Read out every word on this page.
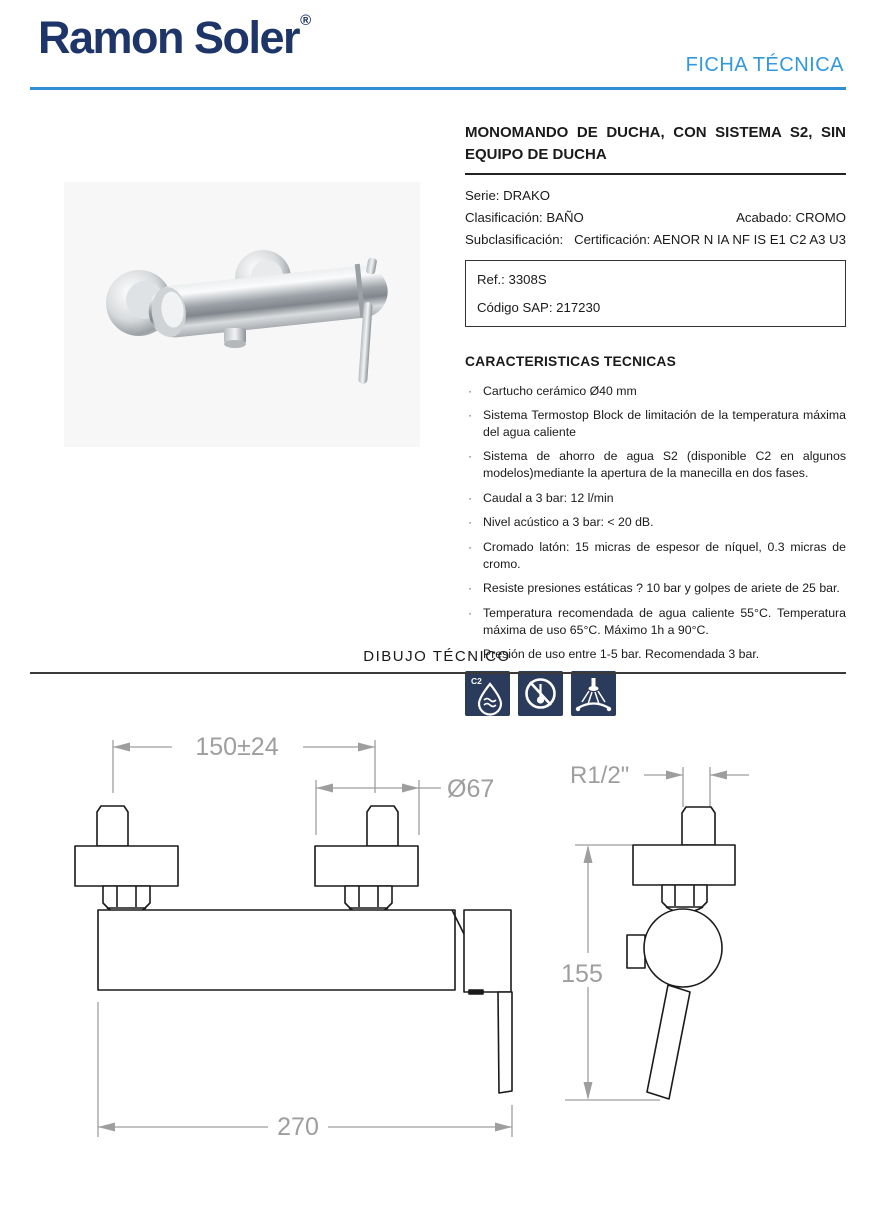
Ramon Soler®
FICHA TÉCNICA
MONOMANDO DE DUCHA, CON SISTEMA S2, SIN EQUIPO DE DUCHA
Serie: DRAKO
Clasificación: BAÑO	Acabado: CROMO
Subclasificación: Certificación: AENOR N IA NF IS E1 C2 A3 U3
Ref.: 3308S
Código SAP: 217230
CARACTERISTICAS TECNICAS
· Cartucho cerámico Ø40 mm
· Sistema Termostop Block de limitación de la temperatura máxima del agua caliente
· Sistema de ahorro de agua S2 (disponible C2 en algunos modelos)mediante la apertura de la manecilla en dos fases.
· Caudal a 3 bar: 12 l/min
· Nivel acústico a 3 bar: < 20 dB.
· Cromado latón: 15 micras de espesor de níquel, 0.3 micras de cromo.
· Resiste presiones estáticas ? 10 bar y golpes de ariete de 25 bar.
· Temperatura recomendada de agua caliente 55°C. Temperatura máxima de uso 65°C. Máximo 1h a 90°C.
· Presión de uso entre 1-5 bar. Recomendada 3 bar.
C2
DIBUJO TÉCNICO
150±24
Ø67
270
R1/2"
155
